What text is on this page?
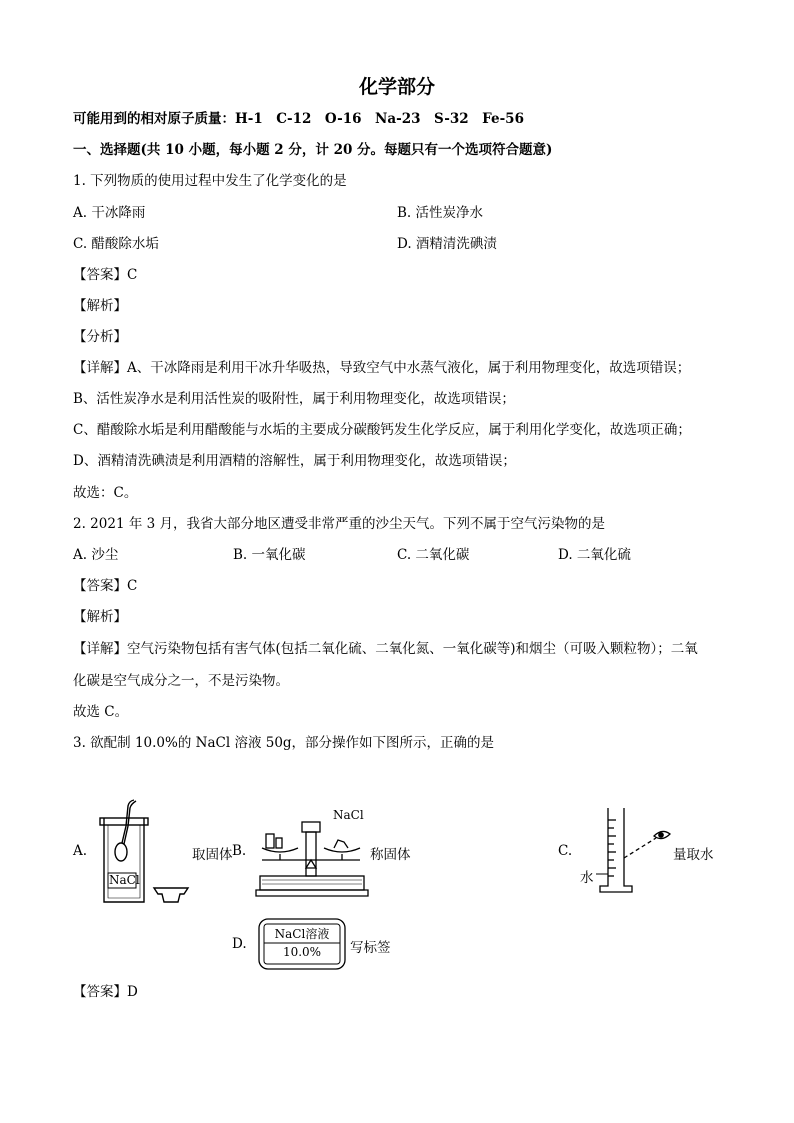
化学部分
可能用到的相对原子质量：H-1　C-12　O-16　Na-23　S-32　Fe-56
一、选择题(共 10 小题，每小题 2 分，计 20 分。每题只有一个选项符合题意)
1. 下列物质的使用过程中发生了化学变化的是
A. 干冰降雨	B. 活性炭净水
C. 醋酸除水垢	D. 酒精清洗碘渍
【答案】C
【解析】
【分析】
【详解】A、干冰降雨是利用干冰升华吸热，导致空气中水蒸气液化，属于利用物理变化，故选项错误；
B、活性炭净水是利用活性炭的吸附性，属于利用物理变化，故选项错误；
C、醋酸除水垢是利用醋酸能与水垢的主要成分碳酸钙发生化学反应，属于利用化学变化，故选项正确；
D、酒精清洗碘渍是利用酒精的溶解性，属于利用物理变化，故选项错误；
故选：C。
2. 2021 年 3 月，我省大部分地区遭受非常严重的沙尘天气。下列不属于空气污染物的是
A. 沙尘	B. 一氧化碳	C. 二氧化碳	D. 二氧化硫
【答案】C
【解析】
【详解】空气污染物包括有害气体(包括二氧化硫、二氧化氮、一氧化碳等)和烟尘（可吸入颗粒物）；二氧
化碳是空气成分之一，不是污染物。
故选 C。
3. 欲配制 10.0%的 NaCl 溶液 50g，部分操作如下图所示，正确的是
A.
NaCl
取固体 B.
NaCl
称固体	C.
水
量取水
D.
NaCl溶液
10.0%	写标签
【答案】D
